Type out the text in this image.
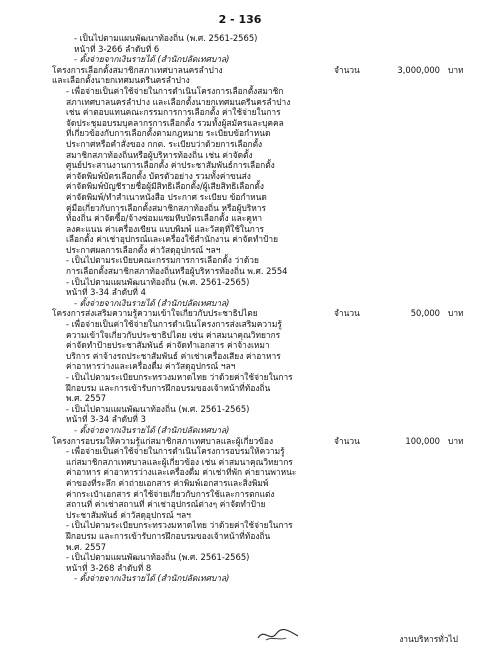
2 - 136
- เป็นไปตามแผนพัฒนาท้องถิ่น (พ.ศ. 2561-2565)
หน้าที่ 3-266 ลำดับที่ 6
- ตั้งจ่ายจากเงินรายได้ (สำนักปลัดเทศบาล)
โครงการเลือกตั้งสมาชิกสภาเทศบาลนครลำปาง
และเลือกตั้งนายกเทศมนตรีนครลำปาง
จำนวน	3,000,000 บาท
- เพื่อจ่ายเป็นค่าใช้จ่ายในการดำเนินโครงการเลือกตั้งสมาชิก
สภาเทศบาลนครลำปาง และเลือกตั้งนายกเทศมนตรีนครลำปาง
เช่น ค่าตอบแทนคณะกรรมการการเลือกตั้ง ค่าใช้จ่ายในการ
จัดประชุมอบรมบุคลากรการเลือกตั้ง รวมทั้งผู้สมัครและบุคคล
ที่เกี่ยวข้องกับการเลือกตั้งตามกฎหมาย ระเบียบข้อกำหนด
ประกาศหรือคำสั่งของ กกต. ระเบียบว่าด้วยการเลือกตั้ง
สมาชิกสภาท้องถิ่นหรือผู้บริหารท้องถิ่น เช่น ค่าจัดตั้ง
ศูนย์ประสานงานการเลือกตั้ง ค่าประชาสัมพันธ์การเลือกตั้ง
ค่าจัดพิมพ์บัตรเลือกตั้ง บัตรตัวอย่าง รวมทั้งค่าขนส่ง
ค่าจัดพิมพ์บัญชีรายชื่อผู้มีสิทธิเลือกตั้ง/ผู้เสียสิทธิเลือกตั้ง
ค่าจัดพิมพ์/ทำสำเนาหนังสือ ประกาศ ระเบียบ ข้อกำหนด
คู่มือเกี่ยวกับการเลือกตั้งสมาชิกสภาท้องถิ่น หรือผู้บริหาร
ท้องถิ่น ค่าจัดซื้อ/จ้างซ่อมแซมหีบบัตรเลือกตั้ง และคูหา
ลงคะแนน ค่าเครื่องเขียน แบบพิมพ์ และวัสดุที่ใช้ในการ
เลือกตั้ง ค่าเช่าอุปกรณ์และเครื่องใช้สำนักงาน ค่าจัดทำป้าย
ประกาศผลการเลือกตั้ง ค่าวัสดุอุปกรณ์ ฯลฯ
- เป็นไปตามระเบียบคณะกรรมการการเลือกตั้ง ว่าด้วย
การเลือกตั้งสมาชิกสภาท้องถิ่นหรือผู้บริหารท้องถิ่น พ.ศ. 2554
- เป็นไปตามแผนพัฒนาท้องถิ่น (พ.ศ. 2561-2565)
หน้าที่ 3-34 ลำดับที่ 4
- ตั้งจ่ายจากเงินรายได้ (สำนักปลัดเทศบาล)
โครงการส่งเสริมความรู้ความเข้าใจเกี่ยวกับประชาธิปไตย	จำนวน	50,000 บาท
- เพื่อจ่ายเป็นค่าใช้จ่ายในการดำเนินโครงการส่งเสริมความรู้
ความเข้าใจเกี่ยวกับประชาธิปไตย เช่น ค่าสมนาคุณวิทยากร
ค่าจัดทำป้ายประชาสัมพันธ์ ค่าจัดทำเอกสาร ค่าจ้างเหมา
บริการ ค่าจ้างรถประชาสัมพันธ์ ค่าเช่าเครื่องเสียง ค่าอาหาร
ค่าอาหารว่างและเครื่องดื่ม ค่าวัสดุอุปกรณ์ ฯลฯ
- เป็นไปตามระเบียบกระทรวงมหาดไทย ว่าด้วยค่าใช้จ่ายในการ
ฝึกอบรม และการเข้ารับการฝึกอบรมของเจ้าหน้าที่ท้องถิ่น
พ.ศ. 2557
- เป็นไปตามแผนพัฒนาท้องถิ่น (พ.ศ. 2561-2565)
หน้าที่ 3-34 ลำดับที่ 3
- ตั้งจ่ายจากเงินรายได้ (สำนักปลัดเทศบาล)
โครงการอบรมให้ความรู้แก่สมาชิกสภาเทศบาลและผู้เกี่ยวข้อง	จำนวน	100,000 บาท
- เพื่อจ่ายเป็นค่าใช้จ่ายในการดำเนินโครงการอบรมให้ความรู้
แก่สมาชิกสภาเทศบาลและผู้เกี่ยวข้อง เช่น ค่าสมนาคุณวิทยากร
ค่าอาหาร ค่าอาหารว่างและเครื่องดื่ม ค่าเช่าที่พัก ค่ายานพาหนะ
ค่าของที่ระลึก ค่าถ่ายเอกสาร ค่าพิมพ์เอกสารและสิ่งพิมพ์
ค่ากระเป๋าเอกสาร ค่าใช้จ่ายเกี่ยวกับการใช้และการตกแต่ง
สถานที่ ค่าเช่าสถานที่ ค่าเช่าอุปกรณ์ต่างๆ ค่าจัดทำป้าย
ประชาสัมพันธ์ ค่าวัสดุอุปกรณ์ ฯลฯ
- เป็นไปตามระเบียบกระทรวงมหาดไทย ว่าด้วยค่าใช้จ่ายในการ
ฝึกอบรม และการเข้ารับการฝึกอบรมของเจ้าหน้าที่ท้องถิ่น
พ.ศ. 2557
- เป็นไปตามแผนพัฒนาท้องถิ่น (พ.ศ. 2561-2565)
หน้าที่ 3-268 ลำดับที่ 8
- ตั้งจ่ายจากเงินรายได้ (สำนักปลัดเทศบาล)
งานบริหารทั่วไป
